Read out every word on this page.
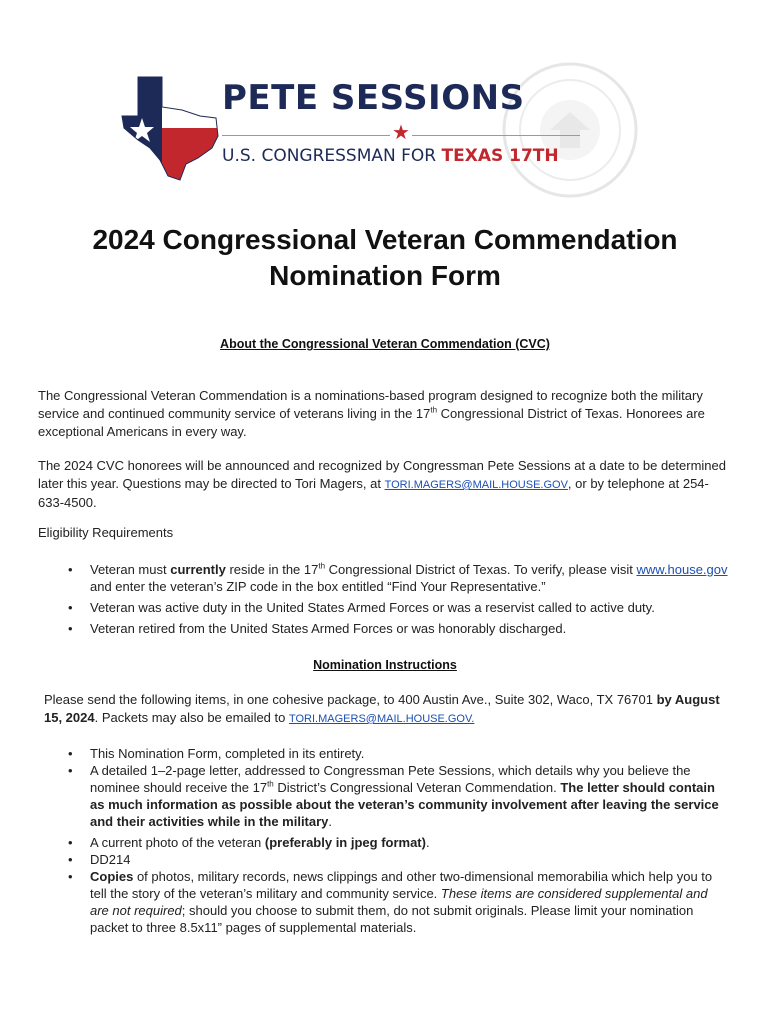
PETE SESSIONS
★
U.S. CONGRESSMAN FOR TEXAS 17TH
2024 Congressional Veteran Commendation
Nomination Form
About the Congressional Veteran Commendation (CVC)
The Congressional Veteran Commendation is a nominations-based program designed to recognize both the military service and continued community service of veterans living in the 17th Congressional District of Texas. Honorees are exceptional Americans in every way.
The 2024 CVC honorees will be announced and recognized by Congressman Pete Sessions at a date to be determined later this year. Questions may be directed to Tori Magers, at TORI.MAGERS@MAIL.HOUSE.GOV, or by telephone at 254-633-4500.
Eligibility Requirements
• Veteran must currently reside in the 17th Congressional District of Texas. To verify, please visit www.house.gov and enter the veteran’s ZIP code in the box entitled “Find Your Representative.”
• Veteran was active duty in the United States Armed Forces or was a reservist called to active duty.
• Veteran retired from the United States Armed Forces or was honorably discharged.
Nomination Instructions
Please send the following items, in one cohesive package, to 400 Austin Ave., Suite 302, Waco, TX 76701 by August 15, 2024. Packets may also be emailed to TORI.MAGERS@MAIL.HOUSE.GOV.
• This Nomination Form, completed in its entirety.
• A detailed 1–2-page letter, addressed to Congressman Pete Sessions, which details why you believe the nominee should receive the 17th District’s Congressional Veteran Commendation. The letter should contain as much information as possible about the veteran’s community involvement after leaving the service and their activities while in the military.
• A current photo of the veteran (preferably in jpeg format).
• DD214
• Copies of photos, military records, news clippings and other two-dimensional memorabilia which help you to tell the story of the veteran’s military and community service. These items are considered supplemental and are not required; should you choose to submit them, do not submit originals. Please limit your nomination packet to three 8.5x11” pages of supplemental materials.
